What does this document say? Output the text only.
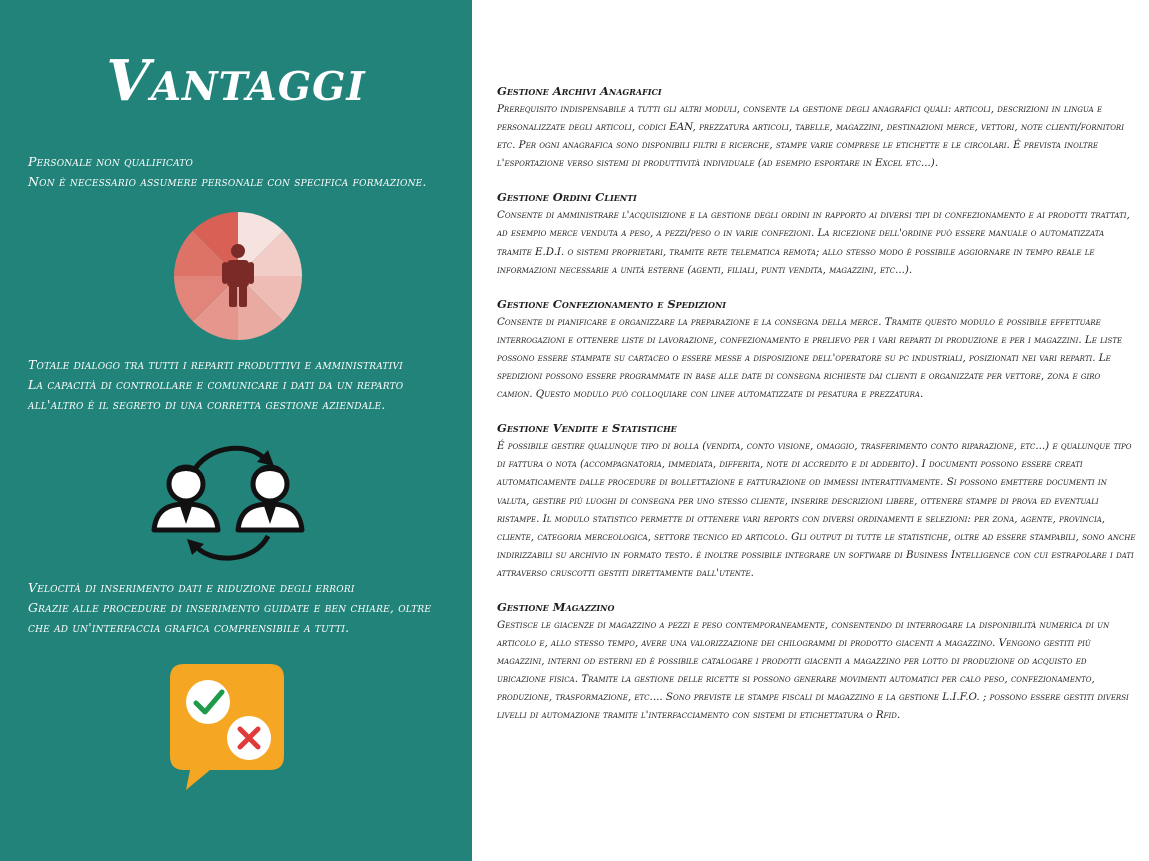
Vantaggi
Personale non qualificato
Non è necessario assumere personale con specifica formazione.
Totale dialogo tra tutti i reparti produttivi e amministrativi
La capacità di controllare e comunicare i dati da un reparto all'altro è il segreto di una corretta gestione aziendale.
Velocità di inserimento dati e riduzione degli errori
Grazie alle procedure di inserimento guidate e ben chiare, oltre che ad un'interfaccia grafica comprensibile a tutti.
Gestione Archivi Anagrafici
Prerequisito indispensabile a tutti gli altri moduli, consente la gestione degli anagrafici quali: articoli, descrizioni in lingua e personalizzate degli articoli, codici EAN, prezzatura articoli, tabelle, magazzini, destinazioni merce, vettori, note clienti/fornitori etc. Per ogni anagrafica sono disponibili filtri e ricerche, stampe varie comprese le etichette e le circolari. É prevista inoltre l'esportazione verso sistemi di produttività individuale (ad esempio esportare in Excel etc...).
Gestione Ordini Clienti
Consente di amministrare l'acquisizione e la gestione degli ordini in rapporto ai diversi tipi di confezionamento e ai prodotti trattati, ad esempio merce venduta a peso, a pezzi/peso o in varie confezioni. La ricezione dell'ordine può essere manuale o automatizzata tramite E.D.I. o sistemi proprietari, tramite rete telematica remota; allo stesso modo è possibile aggiornare in tempo reale le informazioni necessarie a unità esterne (agenti, filiali, punti vendita, magazzini, etc...).
Gestione Confezionamento e Spedizioni
Consente di pianificare e organizzare la preparazione e la consegna della merce. Tramite questo modulo è possibile effettuare interrogazioni e ottenere liste di lavorazione, confezionamento e prelievo per i vari reparti di produzione e per i magazzini. Le liste possono essere stampate su cartaceo o essere messe a disposizione dell'operatore su pc industriali, posizionati nei vari reparti. Le spedizioni possono essere programmate in base alle date di consegna richieste dai clienti e organizzate per vettore, zona e giro camion. Questo modulo può colloquiare con linee automatizzate di pesatura e prezzatura.
Gestione Vendite e Statistiche
É possibile gestire qualunque tipo di bolla (vendita, conto visione, omaggio, trasferimento conto riparazione, etc...) e qualunque tipo di fattura o nota (accompagnatoria, immediata, differita, note di accredito e di addebito). I documenti possono essere creati automaticamente dalle procedure di bollettazione e fatturazione od immessi interattivamente. Si possono emettere documenti in valuta, gestire più luoghi di consegna per uno stesso cliente, inserire descrizioni libere, ottenere stampe di prova ed eventuali ristampe. Il modulo statistico permette di ottenere vari reports con diversi ordinamenti e selezioni: per zona, agente, provincia, cliente, categoria merceologica, settore tecnico ed articolo. Gli output di tutte le statistiche, oltre ad essere stampabili, sono anche indirizzabili su archivio in formato testo. é inoltre possibile integrare un software di Business Intelligence con cui estrapolare i dati attraverso cruscotti gestiti direttamente dall'utente.
Gestione Magazzino
Gestisce le giacenze di magazzino a pezzi e peso contemporaneamente, consentendo di interrogare la disponibilità numerica di un articolo e, allo stesso tempo, avere una valorizzazione dei chilogrammi di prodotto giacenti a magazzino. Vengono gestiti più magazzini, interni od esterni ed è possibile catalogare i prodotti giacenti a magazzino per lotto di produzione od acquisto ed ubicazione fisica. Tramite la gestione delle ricette si possono generare movimenti automatici per calo peso, confezionamento, produzione, trasformazione, etc.... Sono previste le stampe fiscali di magazzino e la gestione L.I.F.O. ; possono essere gestiti diversi livelli di automazione tramite l'interfacciamento con sistemi di etichettatura o Rfid.
